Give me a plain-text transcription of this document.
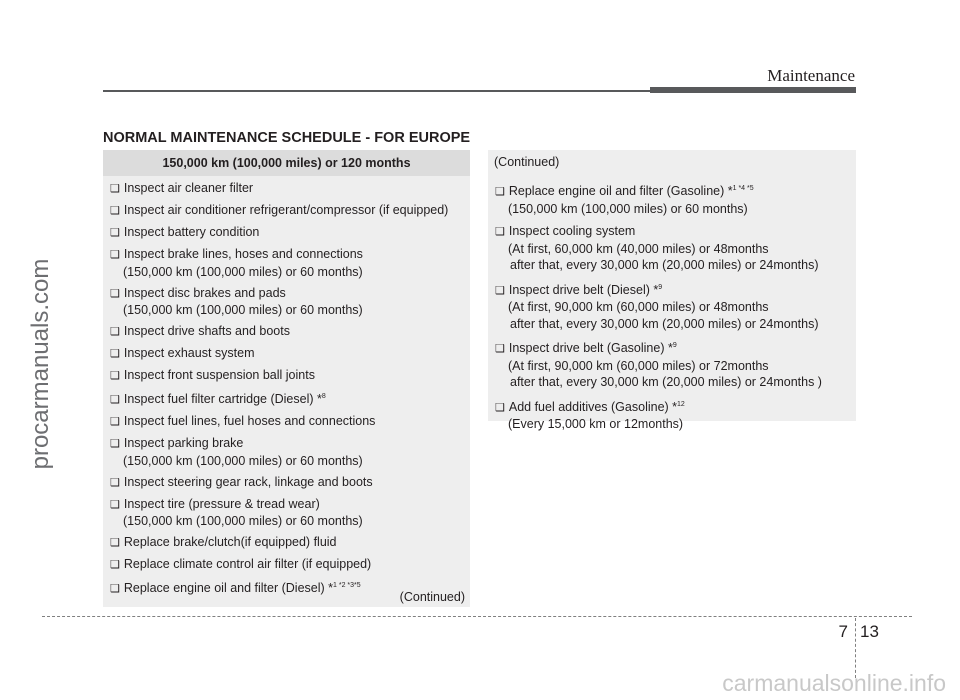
Maintenance
procarmanuals.com
NORMAL MAINTENANCE SCHEDULE - FOR EUROPE
150,000 km (100,000 miles) or 120 months
❑ Inspect air cleaner filter
❑ Inspect air conditioner refrigerant/compressor (if equipped)
❑ Inspect battery condition
❑ Inspect brake lines, hoses and connections
(150,000 km (100,000 miles) or 60 months)
❑ Inspect disc brakes and pads
(150,000 km (100,000 miles) or 60 months)
❑ Inspect drive shafts and boots
❑ Inspect exhaust system
❑ Inspect front suspension ball joints
❑ Inspect fuel filter cartridge (Diesel) *$^8$
❑ Inspect fuel lines, fuel hoses and connections
❑ Inspect parking brake
(150,000 km (100,000 miles) or 60 months)
❑ Inspect steering gear rack, linkage and boots
❑ Inspect tire (pressure & tread wear)
(150,000 km (100,000 miles) or 60 months)
❑ Replace brake/clutch(if equipped) fluid
❑ Replace climate control air filter (if equipped)
❑ Replace engine oil and filter (Diesel) *$^{1 *2 *3*5}$
(Continued)
(Continued)
❑ Replace engine oil and filter (Gasoline) *$^{1 *4 *5}$
(150,000 km (100,000 miles) or 60 months)
❑ Inspect cooling system
(At first, 60,000 km (40,000 miles) or 48months
after that, every 30,000 km (20,000 miles) or 24months)
❑ Inspect drive belt (Diesel) *$^9$
(At first, 90,000 km (60,000 miles) or 48months
after that, every 30,000 km (20,000 miles) or 24months)
❑ Inspect drive belt (Gasoline) *$^9$
(At first, 90,000 km (60,000 miles) or 72months
after that, every 30,000 km (20,000 miles) or 24months )
❑ Add fuel additives (Gasoline) *$^{12}$
(Every 15,000 km or 12months)
7 13
carmanualsonline.info
